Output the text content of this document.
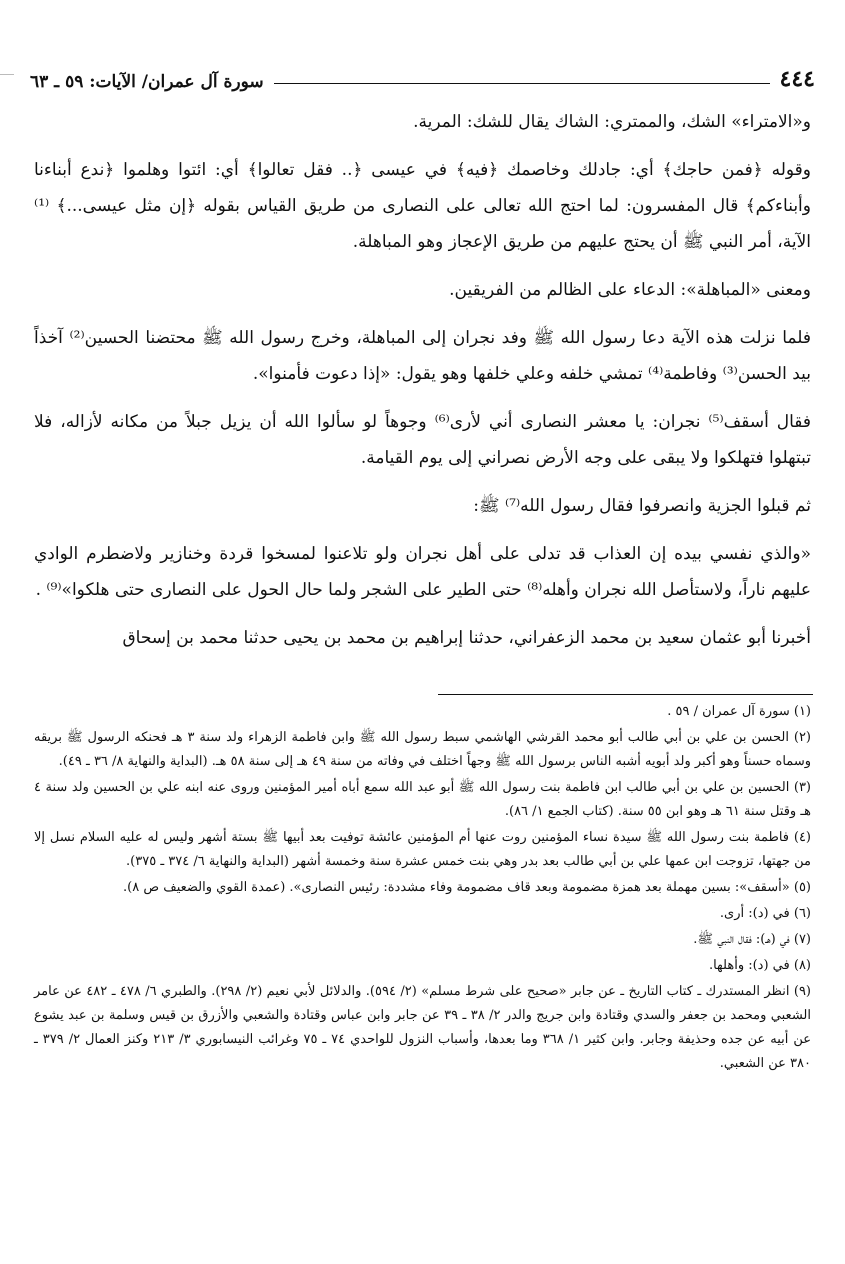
٤٤٤
سورة آل عمران/ الآيات: ٥٩ ـ ٦٣

و«الامتراء» الشك، والممتري: الشاك يقال للشك: المرية.

وقوله ﴿فمن حاجك﴾ أي: جادلك وخاصمك ﴿فيه﴾ في عيسى ﴿.. فقل تعالوا﴾ أي: ائتوا وهلموا ﴿ندع أبناءنا وأبناءكم﴾ قال المفسرون: لما احتج الله تعالى على النصارى من طريق القياس بقوله ﴿إن مثل عيسى...﴾ ⁽¹⁾الآية، أمر النبي ﷺ أن يحتج عليهم من طريق الإعجاز وهو المباهلة.

ومعنى «المباهلة»: الدعاء على الظالم من الفريقين.

فلما نزلت هذه الآية دعا رسول الله ﷺ وفد نجران إلى المباهلة، وخرج رسول الله ﷺ محتضنا الحسين⁽²⁾ آخذاً بيد الحسن⁽³⁾ وفاطمة⁽⁴⁾ تمشي خلفه وعلي خلفها وهو يقول: «إذا دعوت فأمنوا».

فقال أسقف⁽⁵⁾ نجران: يا معشر النصارى أني لأرى⁽⁶⁾ وجوهاً لو سألوا الله أن يزيل جبلاً من مكانه لأزاله، فلا تبتهلوا فتهلكوا ولا يبقى على وجه الأرض نصراني إلى يوم القيامة.

ثم قبلوا الجزية وانصرفوا فقال رسول الله⁽⁷⁾ ﷺ:

«والذي نفسي بيده إن العذاب قد تدلى على أهل نجران ولو تلاعنوا لمسخوا قردة وخنازير ولاضطرم الوادي عليهم ناراً، ولاستأصل الله نجران وأهله⁽⁸⁾ حتى الطير على الشجر ولما حال الحول على النصارى حتى هلكوا»⁽⁹⁾ .

أخبرنا أبو عثمان سعيد بن محمد الزعفراني، حدثنا إبراهيم بن محمد بن يحيى حدثنا محمد بن إسحاق

(١) سورة آل عمران / ٥٩ .

(٢) الحسن بن علي بن أبي طالب أبو محمد القرشي الهاشمي سبط رسول الله ﷺ وابن فاطمة الزهراء ولد سنة ٣ هـ فحنكه الرسول ﷺ بريقه وسماه حسناً وهو أكبر ولد أبويه أشبه الناس برسول الله ﷺ وجهاً اختلف في وفاته من سنة ٤٩ هـ إلى سنة ٥٨ هـ. (البداية والنهاية ٨/ ٣٦ ـ ٤٩).

(٣) الحسين بن علي بن أبي طالب ابن فاطمة بنت رسول الله ﷺ أبو عبد الله سمع أباه أمير المؤمنين وروى عنه ابنه علي بن الحسين ولد سنة ٤ هـ وقتل سنة ٦١ هـ وهو ابن ٥٥ سنة. (كتاب الجمع ١/ ٨٦).

(٤) فاطمة بنت رسول الله ﷺ سيدة نساء المؤمنين روت عنها أم المؤمنين عائشة توفيت بعد أبيها ﷺ بستة أشهر وليس له عليه السلام نسل إلا من جهتها، تزوجت ابن عمها علي بن أبي طالب بعد بدر وهي بنت خمس عشرة سنة وخمسة أشهر (البداية والنهاية ٦/ ٣٧٤ ـ ٣٧٥).

(٥) «أسقف»: بسين مهملة بعد همزة مضمومة وبعد قاف مضمومة وفاء مشددة: رئيس النصارى». (عمدة القوي والضعيف ص ٨).

(٦) في (د): أرى.

(٧) في (هـ): فقال النبي ﷺ.

(٨) في (د): وأهلها.

(٩) انظر المستدرك ـ كتاب التاريخ ـ عن جابر «صحيح على شرط مسلم» (٢/ ٥٩٤). والدلائل لأبي نعيم (٢/ ٢٩٨). والطبري ٦/ ٤٧٨ ـ ٤٨٢ عن عامر الشعبي ومحمد بن جعفر والسدي وقتادة وابن جريج والدر ٢/ ٣٨ ـ ٣٩ عن جابر وابن عباس وقتادة والشعبي والأزرق بن قيس وسلمة بن عبد يشوع عن أبيه عن جده وحذيفة وجابر. وابن كثير ١/ ٣٦٨ وما بعدها، وأسباب النزول للواحدي ٧٤ ـ ٧٥ وغرائب النيسابوري ٣/ ٢١٣ وكنز العمال ٢/ ٣٧٩ ـ ٣٨٠ عن الشعبي.
